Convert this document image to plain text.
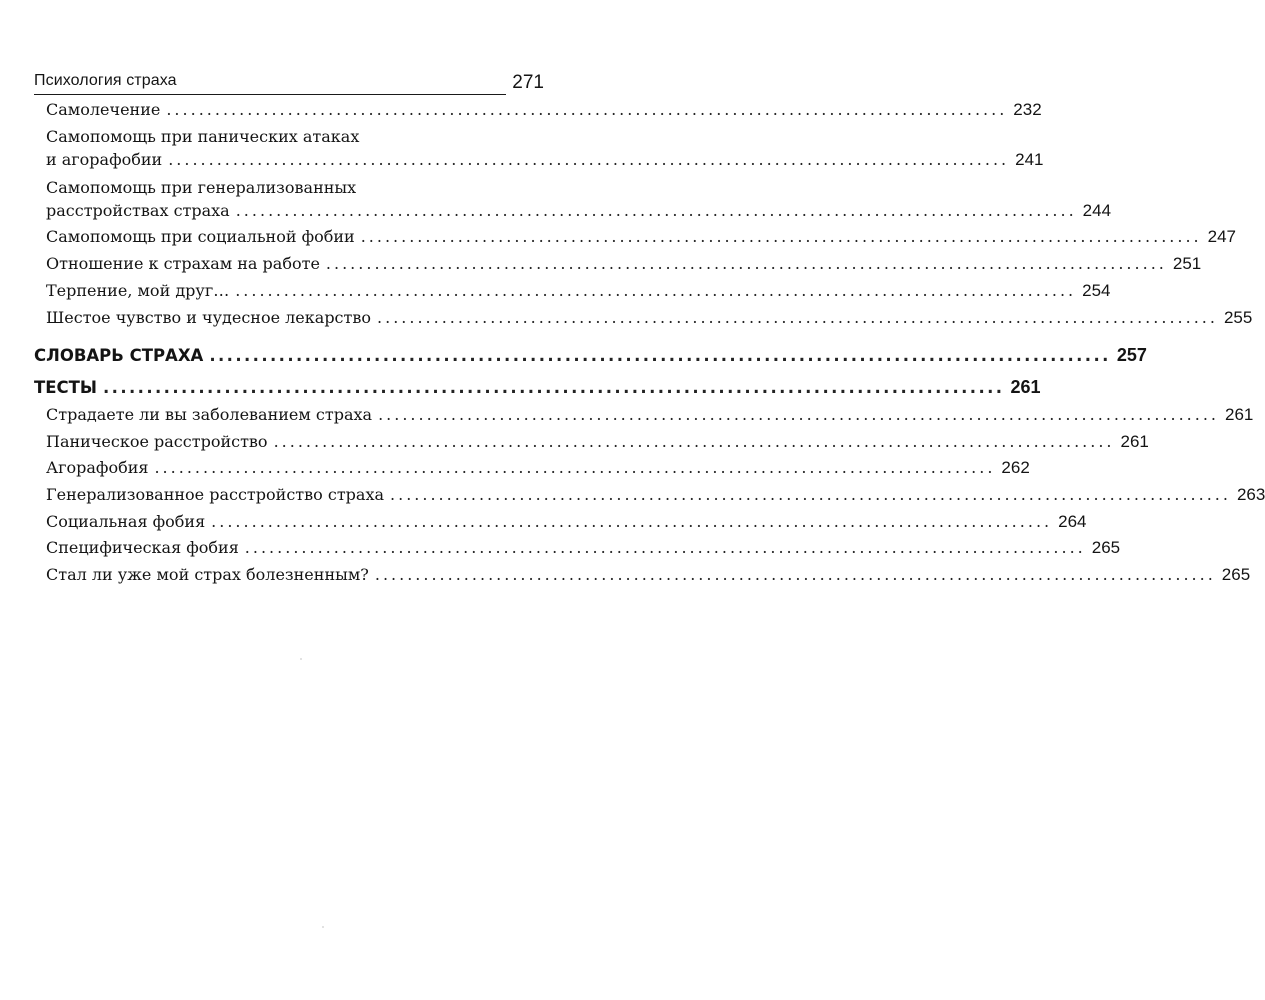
Психология страха	271
Самолечение ........................................................................................................ 232
Самопомощь при панических атаках
и агорафобии ........................................................................................................ 241
Самопомощь при генерализованных
расстройствах страха ........................................................................................................ 244
Самопомощь при социальной фобии ........................................................................................................ 247
Отношение к страхам на работе ........................................................................................................ 251
Терпение, мой друг… ........................................................................................................ 254
Шестое чувство и чудесное лекарство ........................................................................................................ 255
СЛОВАРЬ СТРАХА ........................................................................................................ 257
ТЕСТЫ ........................................................................................................ 261
Страдаете ли вы заболеванием страха ........................................................................................................ 261
Паническое расстройство ........................................................................................................ 261
Агорафобия ........................................................................................................ 262
Генерализованное расстройство страха ........................................................................................................ 263
Социальная фобия ........................................................................................................ 264
Специфическая фобия ........................................................................................................ 265
Стал ли уже мой страх болезненным? ........................................................................................................ 265
